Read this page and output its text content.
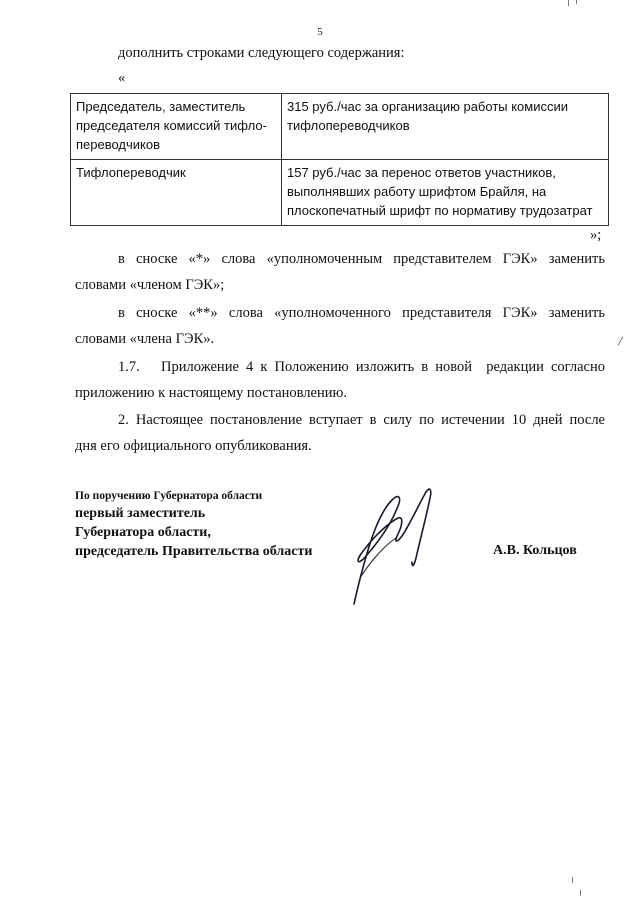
5
дополнить строками следующего содержания:
«
Председатель, заместитель председателя комиссий тифло-переводчиков	315 руб./час за организацию работы комиссии тифлопереводчиков
Тифлопереводчик	157 руб./час за перенос ответов участников, выполнявших работу шрифтом Брайля, на плоскопечатный шрифт по нормативу трудозатрат
»;
в сноске «*» слова «уполномоченным представителем ГЭК» заменить
словами «членом ГЭК»;
в сноске «**» слова «уполномоченного представителя ГЭК» заменить
словами «члена ГЭК».
1.7.   Приложение 4 к Положению изложить в новой  редакции согласно
приложению к настоящему постановлению.
2. Настоящее постановление вступает в силу по истечении 10 дней после
дня его официального опубликования.
По поручению Губернатора области
первый заместитель
Губернатора области,
председатель Правительства области	А.В. Кольцов
